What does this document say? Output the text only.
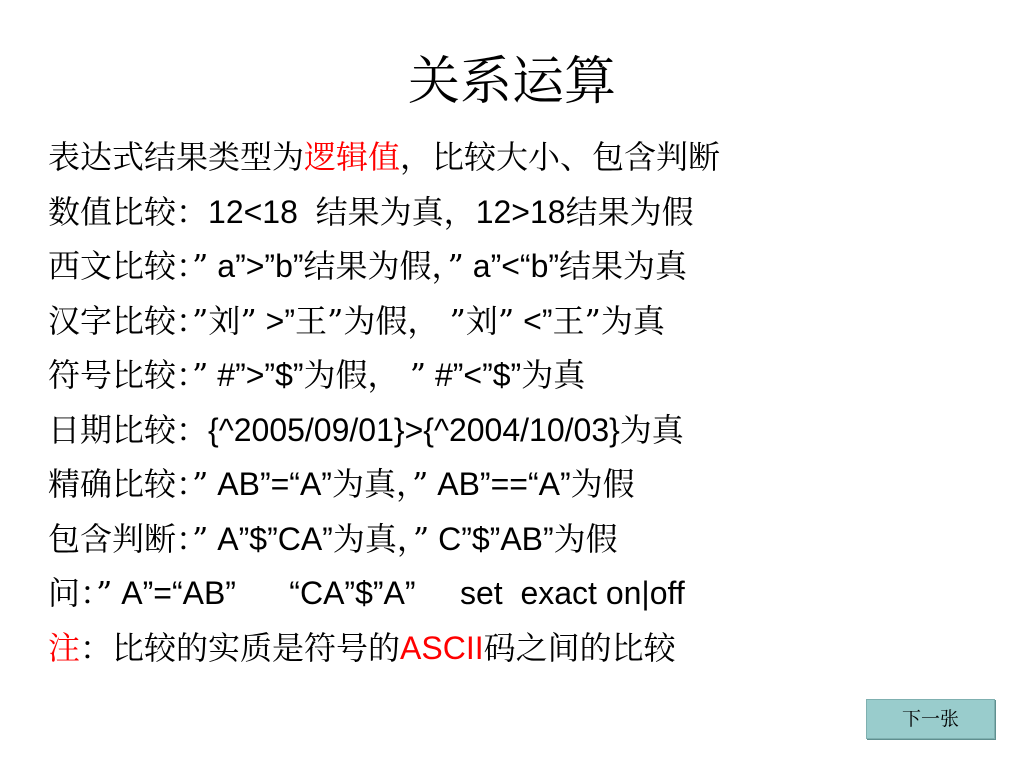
关系运算
表达式结果类型为逻辑值，比较大小、包含判断
数值比较：12<18  结果为真，12>18结果为假
西文比较：” a”>”b”结果为假，” a”<“b”结果为真
汉字比较：”刘” >”王”为假， ”刘” <”王”为真
符号比较：” #”>”$”为假， ” #”<”$”为真
日期比较：{^2005/09/01}>{^2004/10/03}为真
精确比较：” AB”=“A”为真，” AB”==“A”为假
包含判断：” A”$”CA”为真，” C”$”AB”为假
问：” A”=“AB”      “CA”$”A”     set  exact on|off
注：比较的实质是符号的ASCII码之间的比较
下一张
